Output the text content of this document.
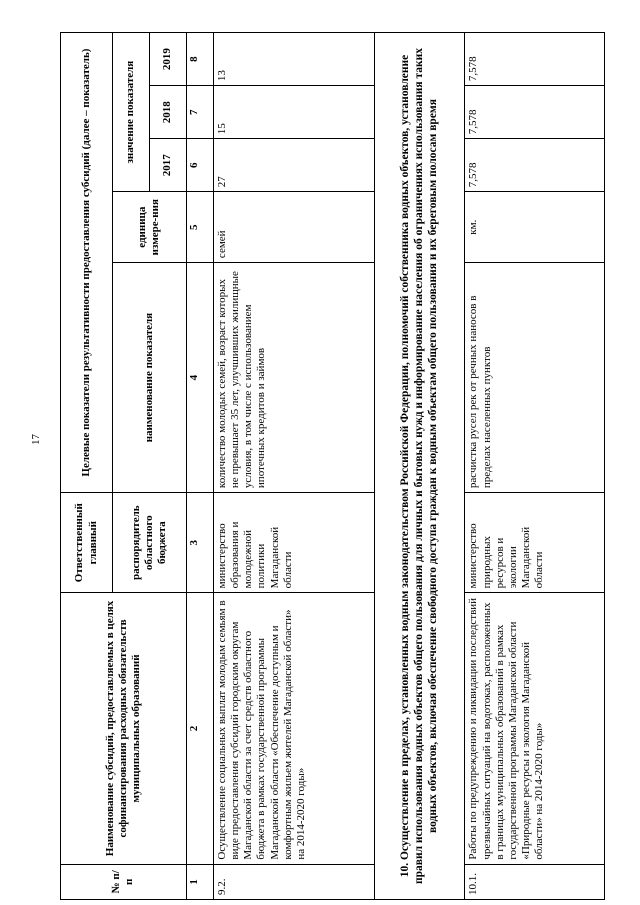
17
№ п/п	Наименование субсидий, предоставляемых в целях софинансирования расходных обязательств муниципальных образований	Ответственный главный	Целевые показатели результативности предоставления субсидий (далее – показатель)				
		распорядитель областного бюджета	наименование показателя	единица измере-ния	значение показателя		
					2017	2018	2019
1	2	3	4	5	6	7	8
9.2.	Осуществление социальных выплат молодым семьям в виде предоставления субсидий городским округам Магаданской области за счет средств областного бюджета в рамках государственной программы Магаданской области «Обеспечение доступным и комфортным жильем жителей Магаданской области» на 2014-2020 годы»	министерство образования и молодежной политики Магаданской области	количество молодых семей, возраст которых не превышает 35 лет, улучшивших жилищные условия, в том числе с использованием ипотечных кредитов и займов	семей	27	15	13
10. Осуществление в пределах, установленных водным законодательством Российской Федерации, полномочий собственника водных объектов, установление правил использования водных объектов общего пользования для личных и бытовых нужд и информирование населения об ограничениях использования таких водных объектов, включая обеспечение свободного доступа граждан к водным объектам общего пользования и их береговым полосам время							
10.1.	Работы по предупреждению и ликвидации последствий чрезвычайных ситуаций на водотоках, расположенных в границах муниципальных образований в рамках государственной программы Магаданской области «Природные ресурсы и экология Магаданской области» на 2014-2020 годы»	министерство природных ресурсов и экологии Магаданской области	расчистка русел рек от речных наносов в пределах населенных пунктов	км.	7,578	7,578	7,578
